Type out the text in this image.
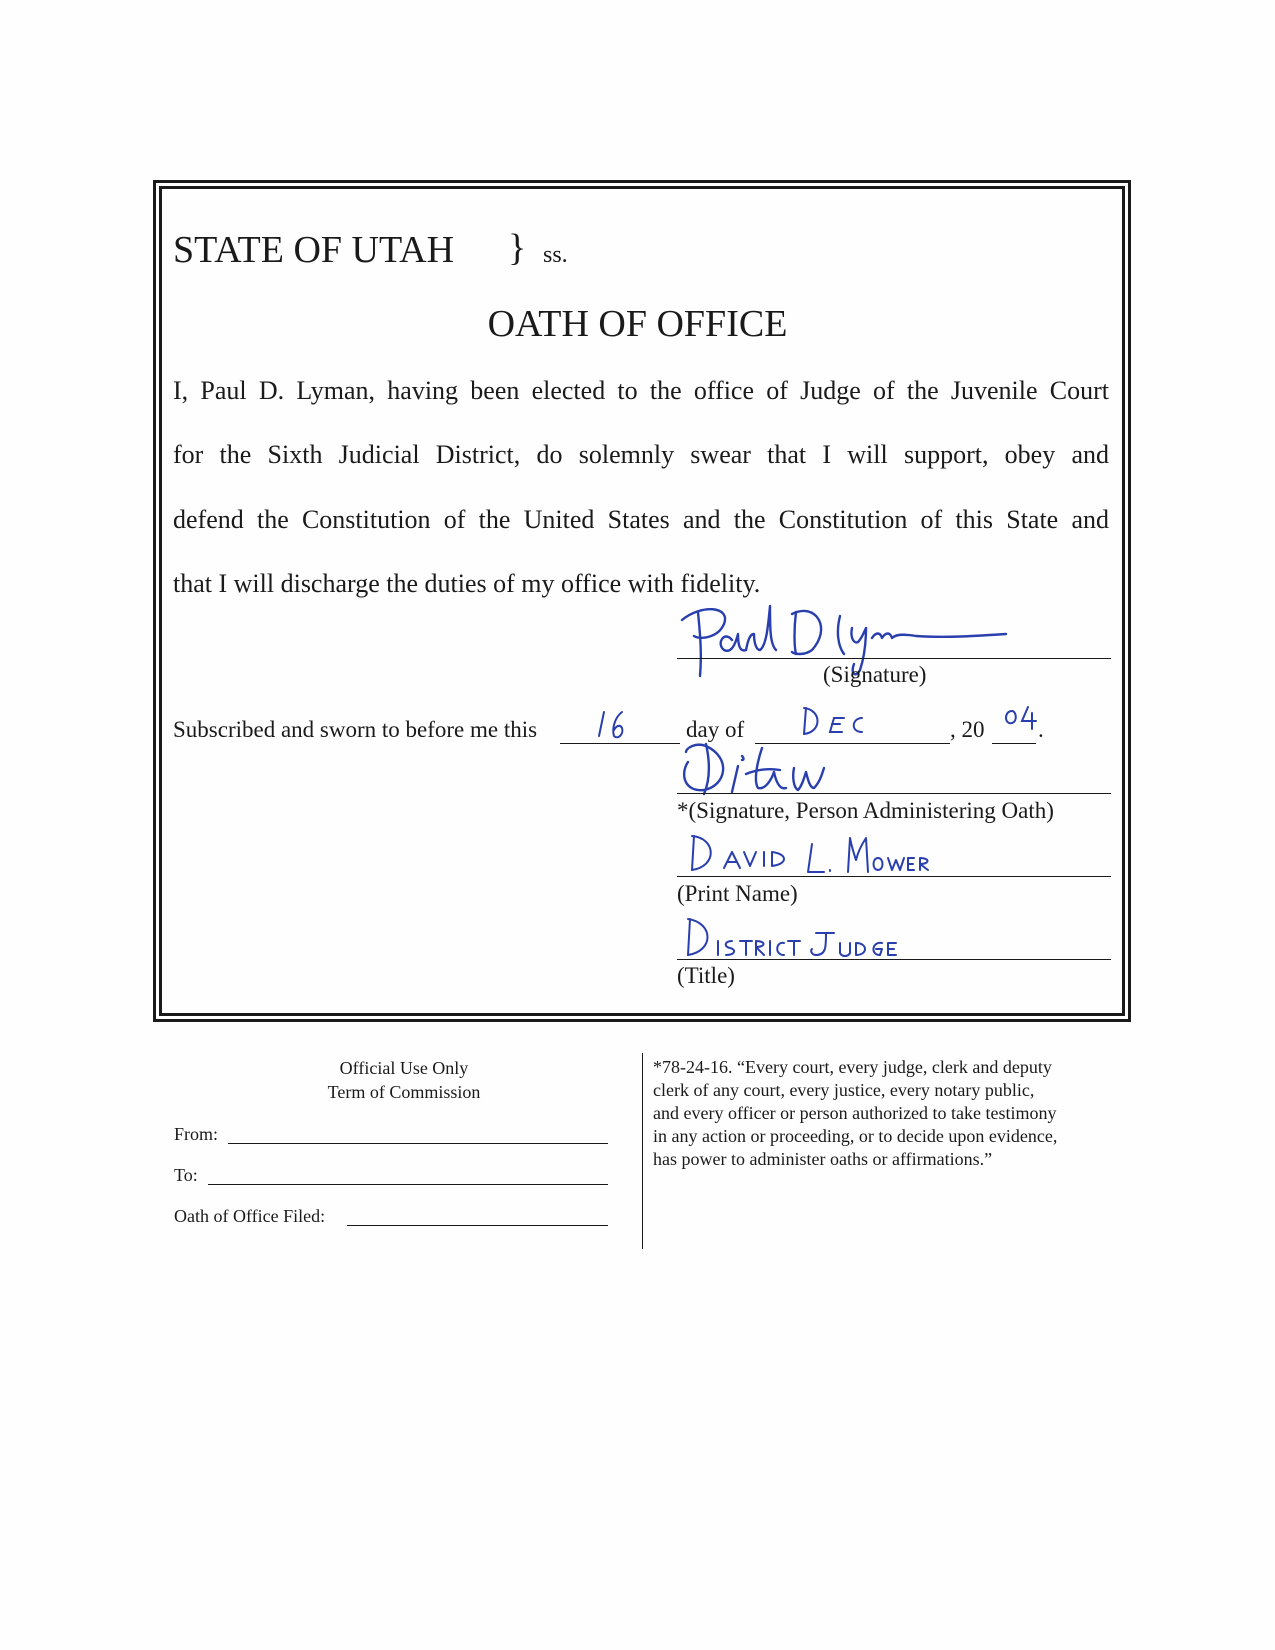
STATE OF UTAH } ss.
OATH OF OFFICE
I, Paul D. Lyman, having been elected to the office of Judge of the Juvenile Court
for the Sixth Judicial District, do solemnly swear that I will support, obey and
defend the Constitution of the United States and the Constitution of this State and
that I will discharge the duties of my office with fidelity.
(Signature)
Subscribed and sworn to before me this	day of	, 20 .
*(Signature, Person Administering Oath)
(Print Name)
(Title)
Official Use Only
Term of Commission
From:
To:
Oath of Office Filed:
*78-24-16. “Every court, every judge, clerk and deputy
clerk of any court, every justice, every notary public,
and every officer or person authorized to take testimony
in any action or proceeding, or to decide upon evidence,
has power to administer oaths or affirmations.”
